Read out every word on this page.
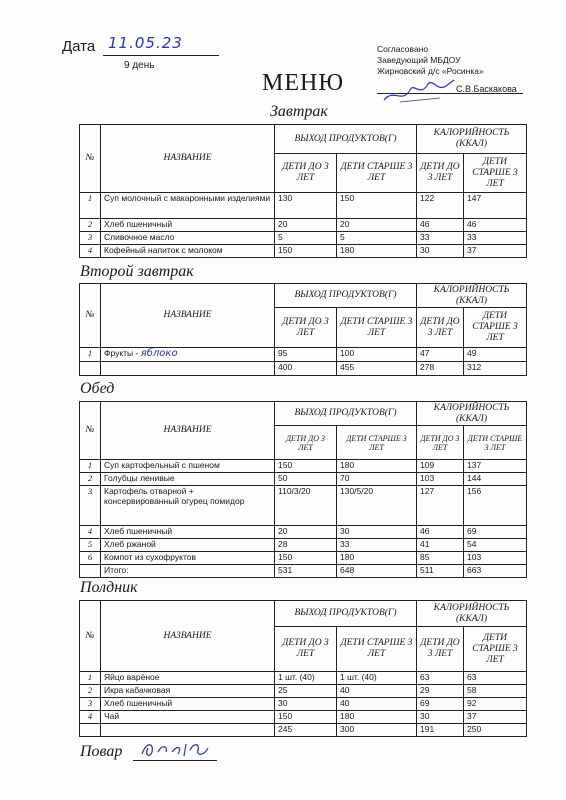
Дата 11.05.23
9 день
МЕНЮ
Согласовано
Заведующий МБДОУ
Жирновский д/с «Росинка»
С.В.Баскакова
Завтрак
№	НАЗВАНИЕ	ВЫХОД ПРОДУКТОВ(Г)		КАЛОРИЙНОСТЬ (ККАЛ)	
		ДЕТИ ДО 3 ЛЕТ	ДЕТИ СТАРШЕ 3 ЛЕТ	ДЕТИ ДО 3 ЛЕТ	ДЕТИ СТАРШЕ 3 ЛЕТ
1	Суп молочный с макаронными изделиями	130	150	122	147
2	Хлеб пшеничный	20	20	46	46
3	Сливочное масло	5	5	33	33
4	Кофейный напиток с молоком	150	180	30	37
Второй завтрак
№	НАЗВАНИЕ	ВЫХОД ПРОДУКТОВ(Г)		КАЛОРИЙНОСТЬ (ККАЛ)	
		ДЕТИ ДО 3 ЛЕТ	ДЕТИ СТАРШЕ 3 ЛЕТ	ДЕТИ ДО 3 ЛЕТ	ДЕТИ СТАРШЕ 3 ЛЕТ
1	Фрукты - яблоко	95	100	47	49
		400	455	278	312
Обед
№	НАЗВАНИЕ	ВЫХОД ПРОДУКТОВ(Г)		КАЛОРИЙНОСТЬ (ККАЛ)	
		ДЕТИ ДО 3 ЛЕТ	ДЕТИ СТАРШЕ 3 ЛЕТ	ДЕТИ ДО 3 ЛЕТ	ДЕТИ СТАРШЕ 3 ЛЕТ
1	Суп картофельный с пшеном	150	180	109	137
2	Голубцы ленивые	50	70	103	144
3	Картофель отварной + консервированный огурец помидор	110/3/20	130/5/20	127	156
4	Хлеб пшеничный	20	30	46	69
5	Хлеб ржаной	28	33	41	54
6	Компот из сухофруктов	150	180	85	103
	Итого:	531	648	511	663
Полдник
№	НАЗВАНИЕ	ВЫХОД ПРОДУКТОВ(Г)		КАЛОРИЙНОСТЬ (ККАЛ)	
		ДЕТИ ДО 3 ЛЕТ	ДЕТИ СТАРШЕ 3 ЛЕТ	ДЕТИ ДО 3 ЛЕТ	ДЕТИ СТАРШЕ 3 ЛЕТ
1	Яйцо варёное	1 шт. (40)	1 шт. (40)	63	63
2	Икра кабачковая	25	40	29	58
3	Хлеб пшеничный	30	40	69	92
4	Чай	150	180	30	37
		245	300	191	250
Повар
